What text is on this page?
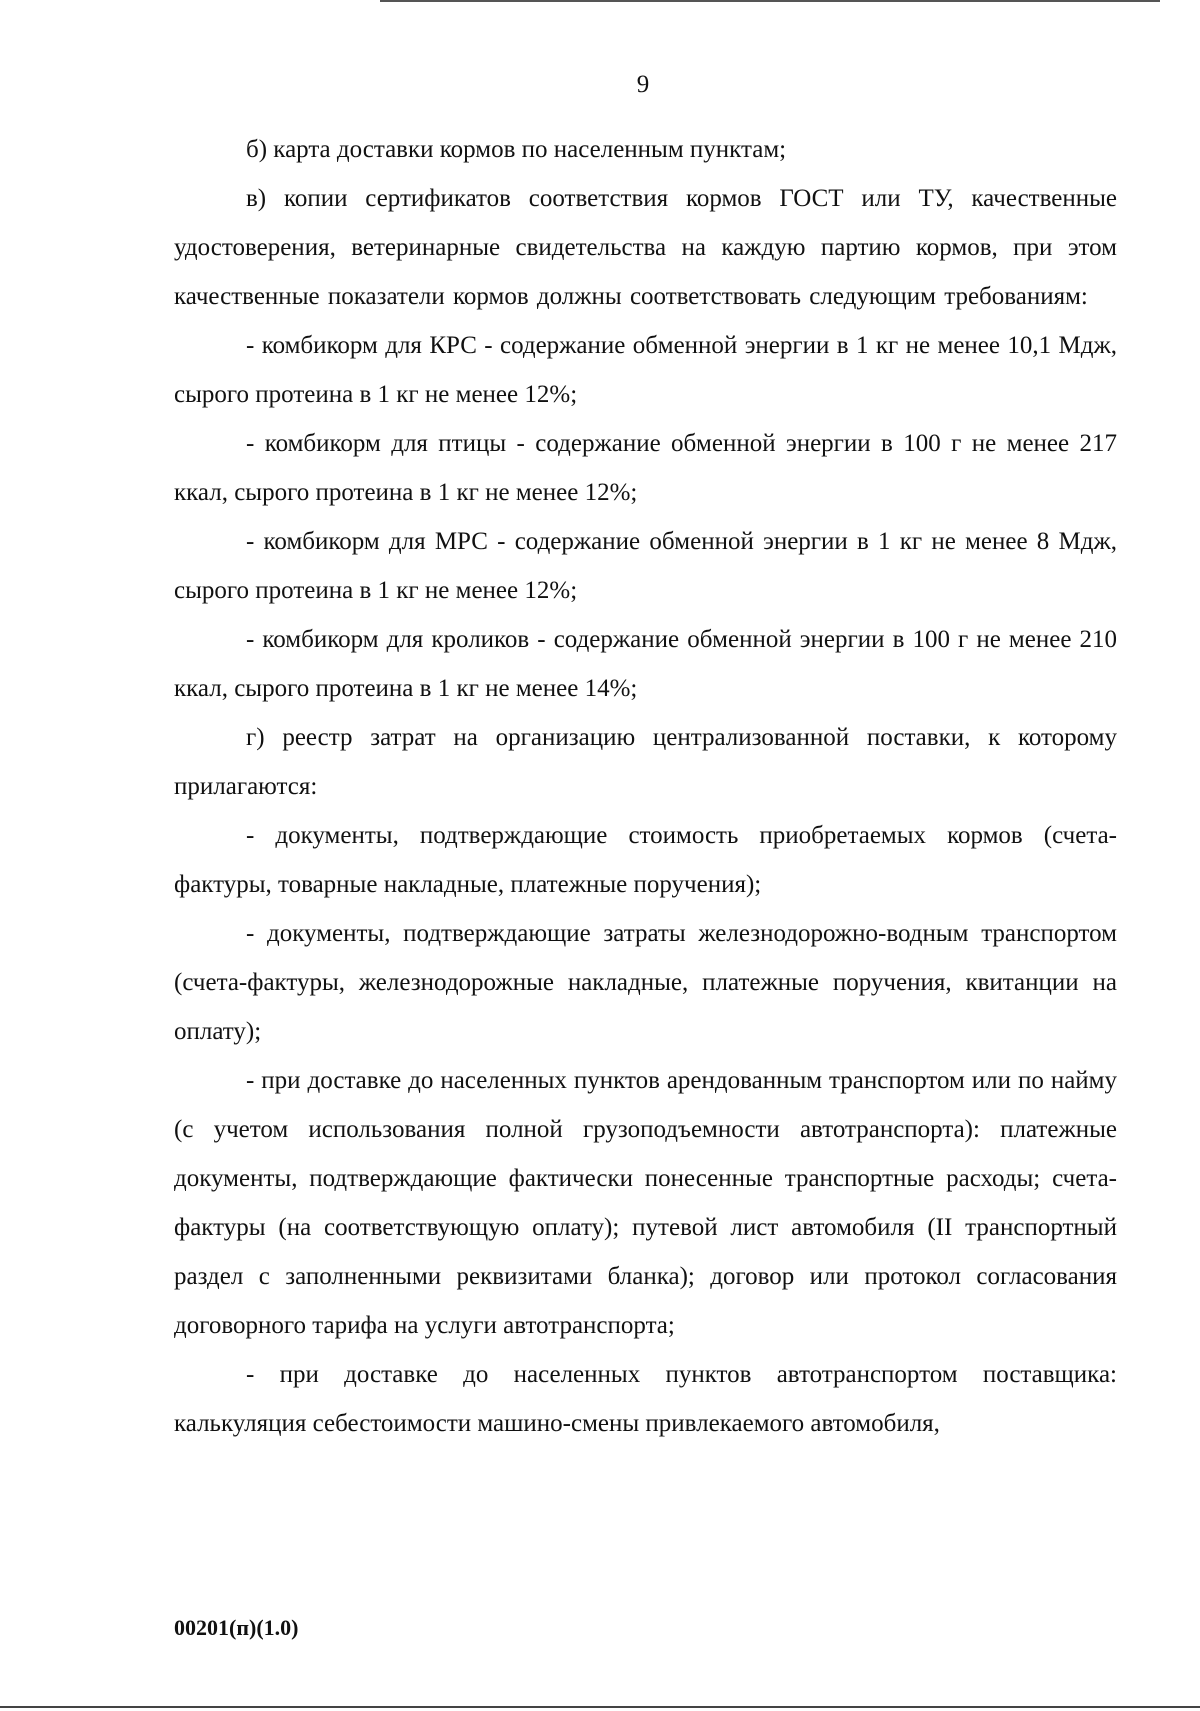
9

б) карта доставки кормов по населенным пунктам;

в) копии сертификатов соответствия кормов ГОСТ или ТУ, качественные удостоверения, ветеринарные свидетельства на каждую партию кормов, при этом качественные показатели кормов должны соответствовать следующим требованиям:

- комбикорм для КРС - содержание обменной энергии в 1 кг не менее 10,1 Мдж, сырого протеина в 1 кг не менее 12%;

- комбикорм для птицы - содержание обменной энергии в 100 г не менее 217 ккал, сырого протеина в 1 кг не менее 12%;

- комбикорм для МРС - содержание обменной энергии в 1 кг не менее 8 Мдж, сырого протеина в 1 кг не менее 12%;

- комбикорм для кроликов - содержание обменной энергии в 100 г не менее 210 ккал, сырого протеина в 1 кг не менее 14%;

г) реестр затрат на организацию централизованной поставки, к которому прилагаются:

- документы, подтверждающие стоимость приобретаемых кормов (счета-фактуры, товарные накладные, платежные поручения);

- документы, подтверждающие затраты железнодорожно-водным транспортом (счета-фактуры, железнодорожные накладные, платежные поручения, квитанции на оплату);

- при доставке до населенных пунктов арендованным транспортом или по найму (с учетом использования полной грузоподъемности автотранспорта): платежные документы, подтверждающие фактически понесенные транспортные расходы; счета-фактуры (на соответствующую оплату); путевой лист автомобиля (II транспортный раздел с заполненными реквизитами бланка); договор или протокол согласования договорного тарифа на услуги автотранспорта;

- при доставке до населенных пунктов автотранспортом поставщика: калькуляция себестоимости машино-смены привлекаемого автомобиля,

00201(п)(1.0)
